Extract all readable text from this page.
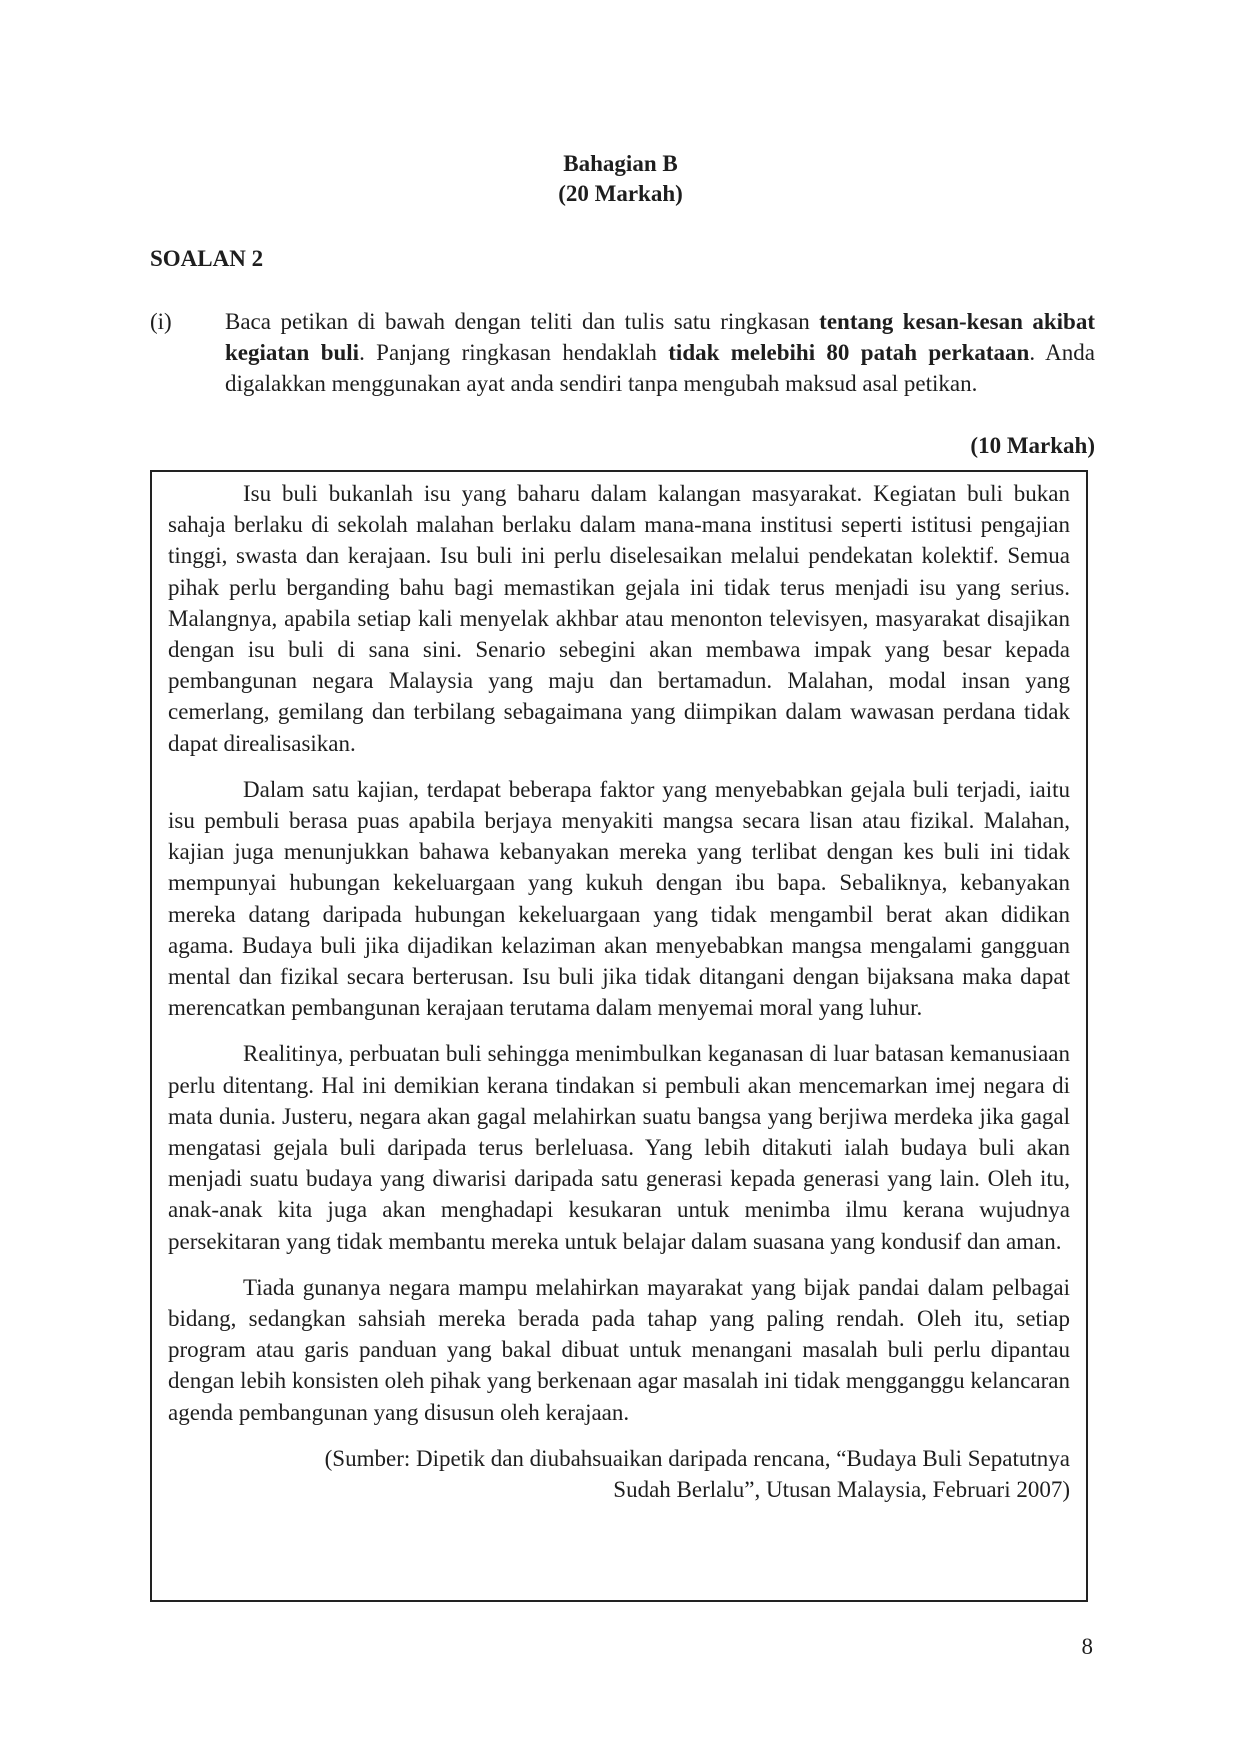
Bahagian B
(20 Markah)
SOALAN 2
(i) Baca petikan di bawah dengan teliti dan tulis satu ringkasan tentang kesan-kesan akibat kegiatan buli. Panjang ringkasan hendaklah tidak melebihi 80 patah perkataan. Anda digalakkan menggunakan ayat anda sendiri tanpa mengubah maksud asal petikan.
(10 Markah)

Isu buli bukanlah isu yang baharu dalam kalangan masyarakat. Kegiatan buli bukan sahaja berlaku di sekolah malahan berlaku dalam mana-mana institusi seperti istitusi pengajian tinggi, swasta dan kerajaan. Isu buli ini perlu diselesaikan melalui pendekatan kolektif. Semua pihak perlu berganding bahu bagi memastikan gejala ini tidak terus menjadi isu yang serius. Malangnya, apabila setiap kali menyelak akhbar atau menonton televisyen, masyarakat disajikan dengan isu buli di sana sini. Senario sebegini akan membawa impak yang besar kepada pembangunan negara Malaysia yang maju dan bertamadun. Malahan, modal insan yang cemerlang, gemilang dan terbilang sebagaimana yang diimpikan dalam wawasan perdana tidak dapat direalisasikan.

Dalam satu kajian, terdapat beberapa faktor yang menyebabkan gejala buli terjadi, iaitu isu pembuli berasa puas apabila berjaya menyakiti mangsa secara lisan atau fizikal. Malahan, kajian juga menunjukkan bahawa kebanyakan mereka yang terlibat dengan kes buli ini tidak mempunyai hubungan kekeluargaan yang kukuh dengan ibu bapa. Sebaliknya, kebanyakan mereka datang daripada hubungan kekeluargaan yang tidak mengambil berat akan didikan agama. Budaya buli jika dijadikan kelaziman akan menyebabkan mangsa mengalami gangguan mental dan fizikal secara berterusan. Isu buli jika tidak ditangani dengan bijaksana maka dapat merencatkan pembangunan kerajaan terutama dalam menyemai moral yang luhur.

Realitinya, perbuatan buli sehingga menimbulkan keganasan di luar batasan kemanusiaan perlu ditentang. Hal ini demikian kerana tindakan si pembuli akan mencemarkan imej negara di mata dunia. Justeru, negara akan gagal melahirkan suatu bangsa yang berjiwa merdeka jika gagal mengatasi gejala buli daripada terus berleluasa. Yang lebih ditakuti ialah budaya buli akan menjadi suatu budaya yang diwarisi daripada satu generasi kepada generasi yang lain. Oleh itu, anak-anak kita juga akan menghadapi kesukaran untuk menimba ilmu kerana wujudnya persekitaran yang tidak membantu mereka untuk belajar dalam suasana yang kondusif dan aman.

Tiada gunanya negara mampu melahirkan mayarakat yang bijak pandai dalam pelbagai bidang, sedangkan sahsiah mereka berada pada tahap yang paling rendah. Oleh itu, setiap program atau garis panduan yang bakal dibuat untuk menangani masalah buli perlu dipantau dengan lebih konsisten oleh pihak yang berkenaan agar masalah ini tidak mengganggu kelancaran agenda pembangunan yang disusun oleh kerajaan.

(Sumber: Dipetik dan diubahsuaikan daripada rencana, “Budaya Buli Sepatutnya
Sudah Berlalu”, Utusan Malaysia, Februari 2007)
8
